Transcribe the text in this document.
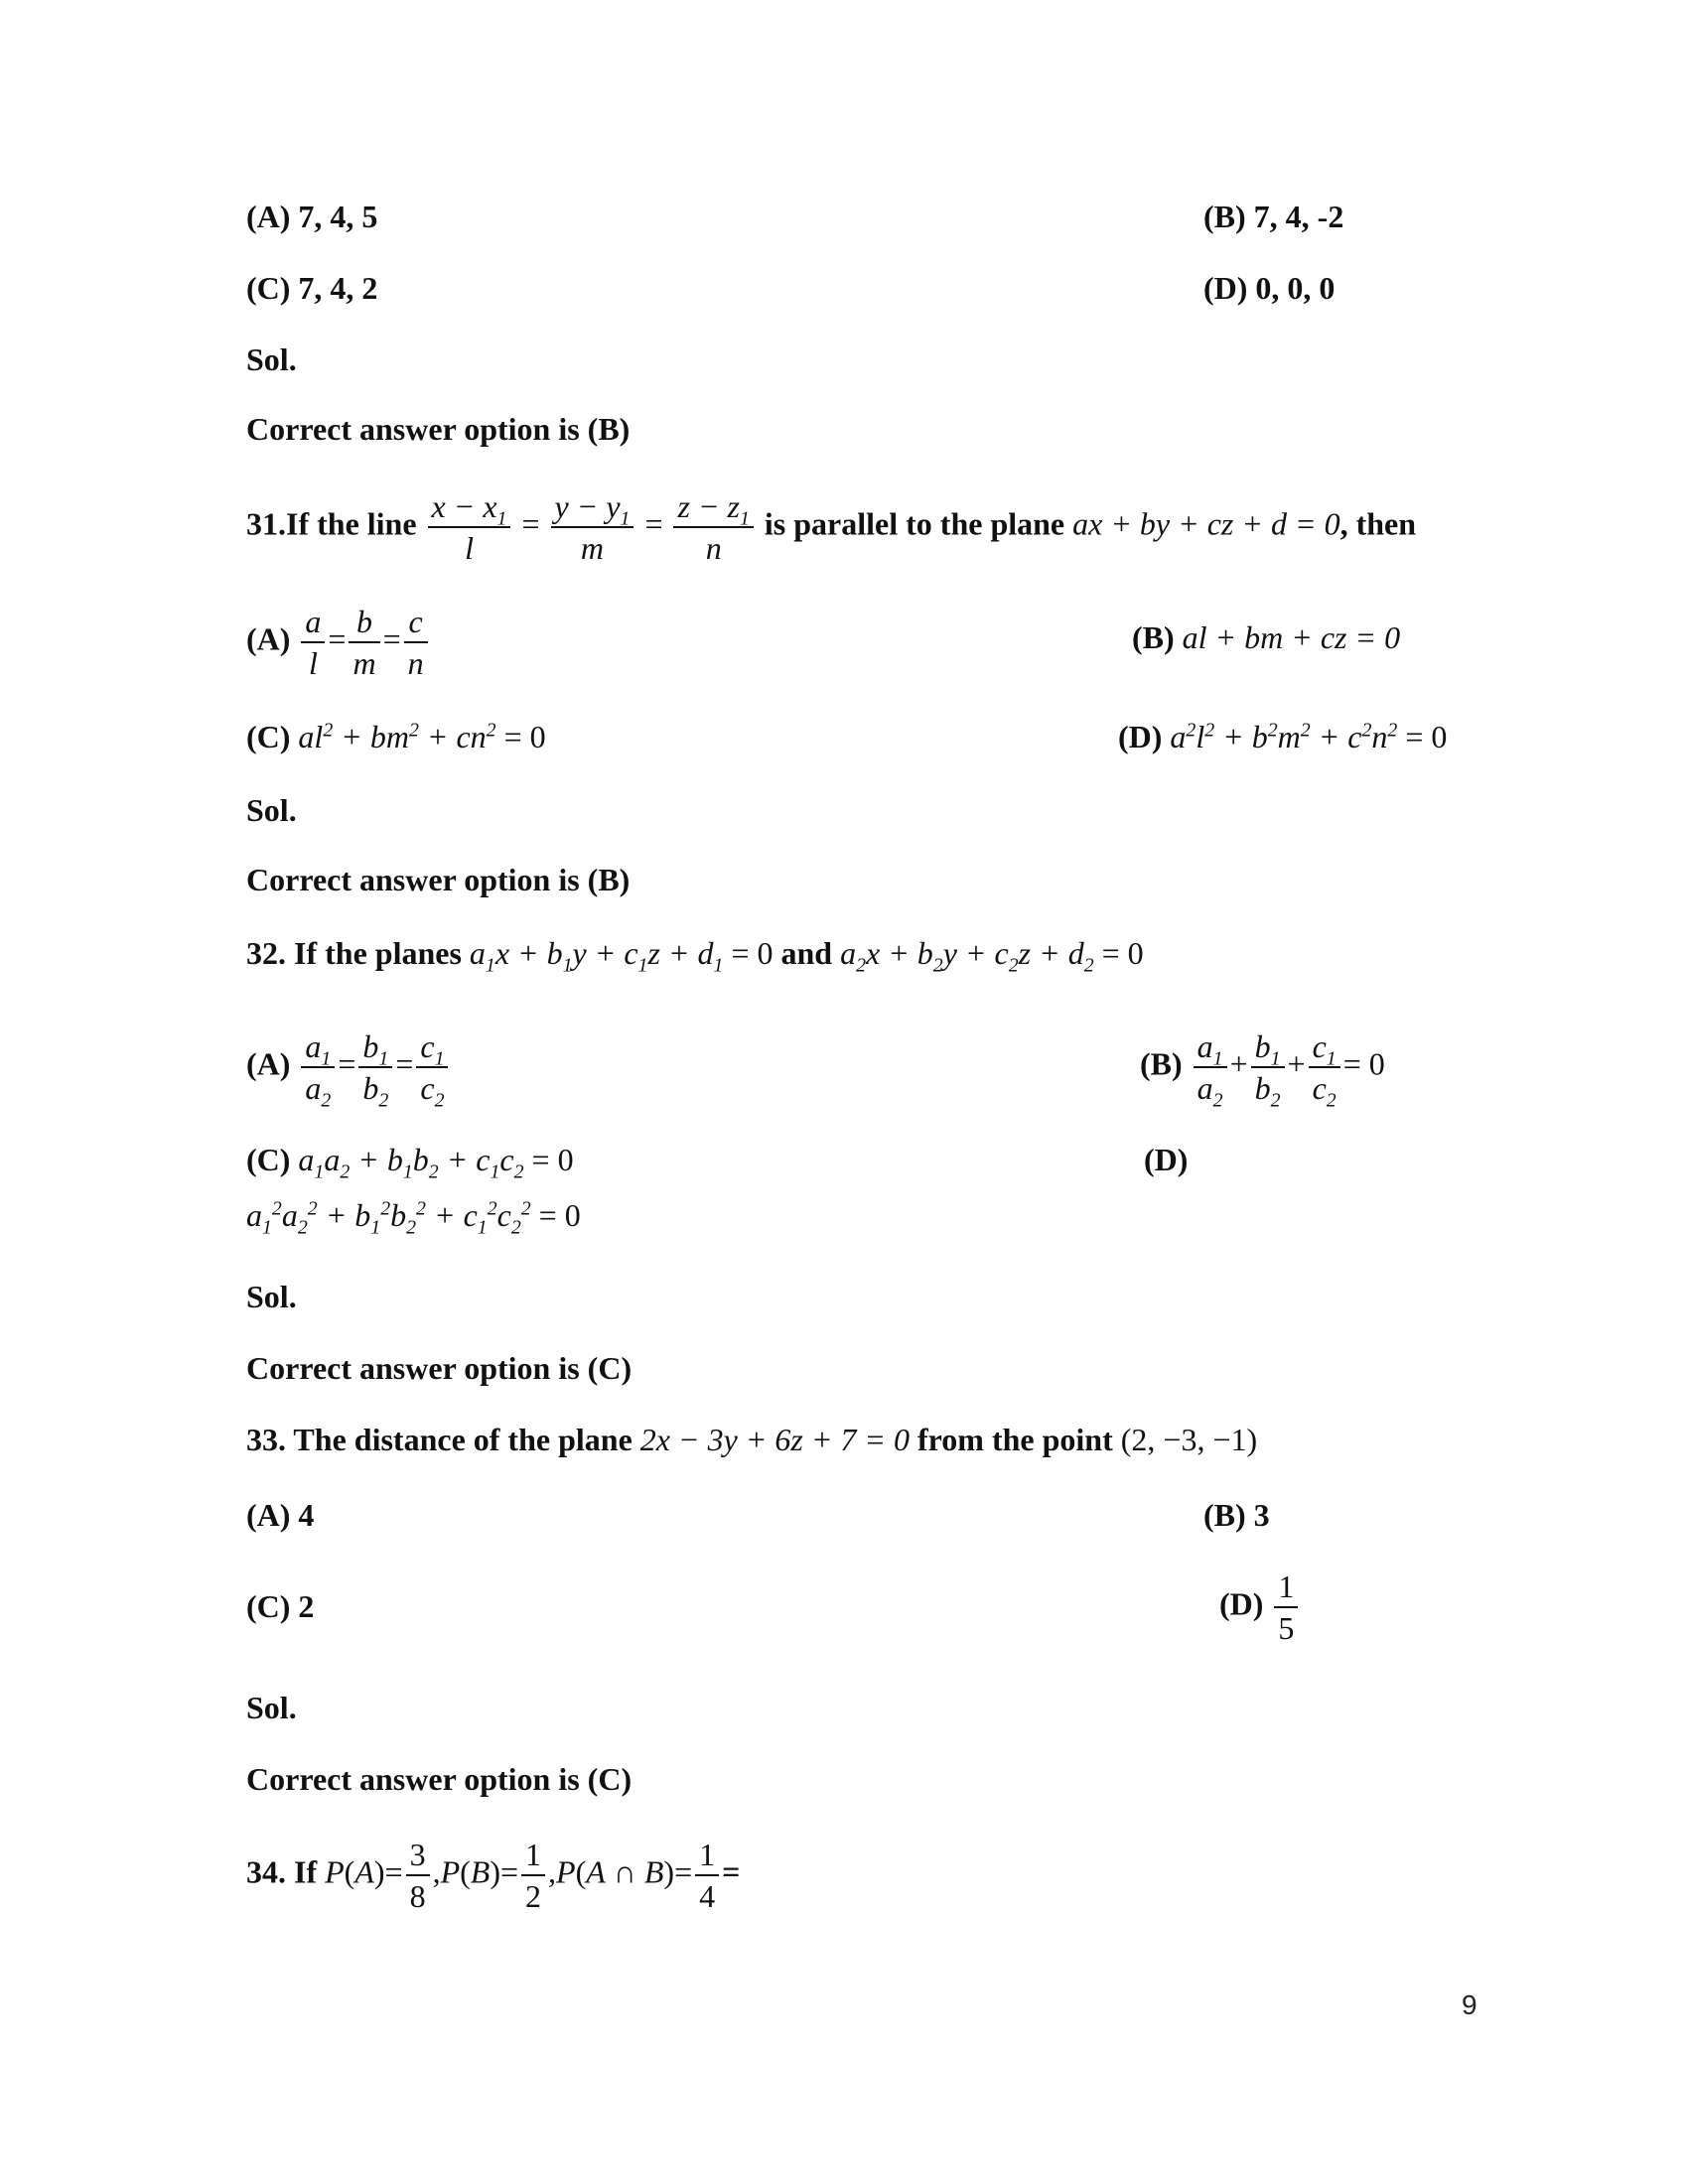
(A) 7, 4, 5	(B) 7, 4, -2
(C) 7, 4, 2	(D) 0, 0, 0
Sol.
Correct answer option is (B)
31.If the line $\frac{x - x_1}{l} = \frac{y - y_1}{m} = \frac{z - z_1}{n}$ is parallel to the plane ax + by + cz + d = 0, then
$(A) \frac{a}{l} = \frac{b}{m} = \frac{c}{n}$	(B) al + bm + cz = 0
(C) $al^2 + bm^2 + cn^2 = 0$	(D) $a^2l^2 + b^2m^2 + c^2n^2 = 0$
Sol.
Correct answer option is (B)
32. If the planes $a_1x + b_1y + c_1z + d_1 = 0$ and $a_2x + b_2y + c_2z + d_2 = 0$
$(A) \frac{a_1}{a_2} = \frac{b_1}{b_2} = \frac{c_1}{c_2}$	$(B) \frac{a_1}{a_2} + \frac{b_1}{b_2} + \frac{c_1}{c_2} = 0$
(C) $a_1a_2 + b_1b_2 + c_1c_2 = 0$	(D)
$a_1^2a_2^2 + b_1^2b_2^2 + c_1^2c_2^2 = 0$
Sol.
Correct answer option is (C)
33. The distance of the plane 2x − 3y + 6z + 7 = 0 from the point (2, −3, −1)
(A) 4	(B) 3
(C) 2	$(D) \frac{1}{5}$
Sol.
Correct answer option is (C)
34. If $P(A)= \frac{3}{8} ,P(B)= \frac{1}{2} ,P(A$ ∩ $B)= \frac{1}{4}$ =
9
